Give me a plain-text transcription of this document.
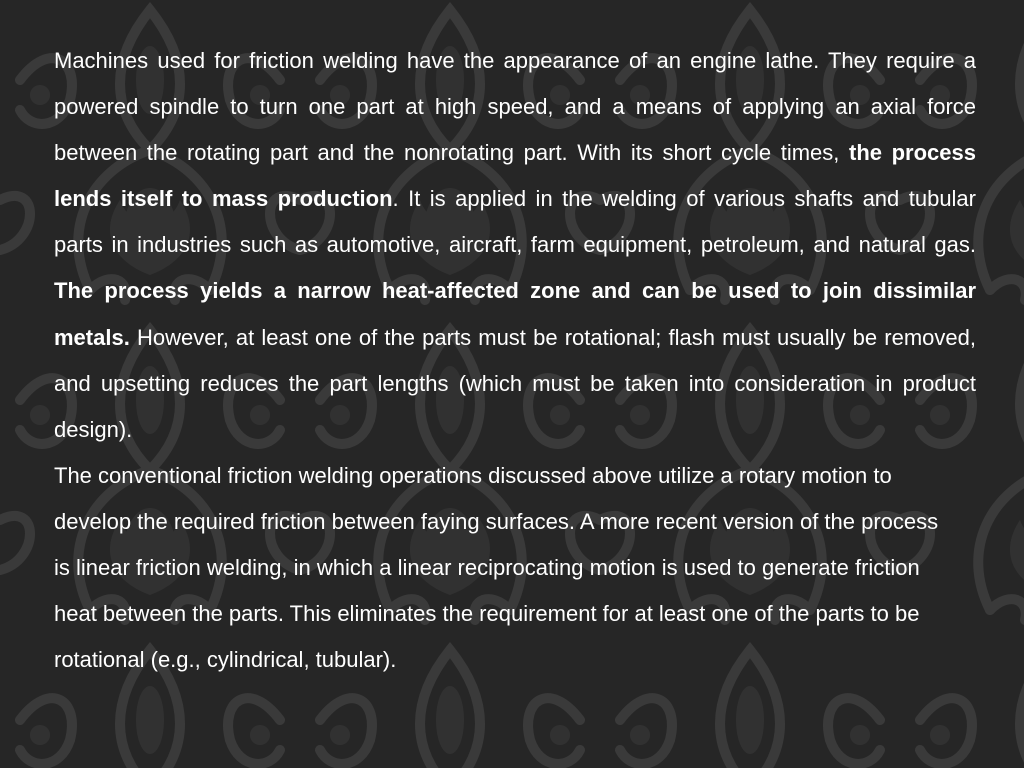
Machines used for friction welding have the appearance of an engine lathe. They require a powered spindle to turn one part at high speed, and a means of applying an axial force between the rotating part and the nonrotating part. With its short cycle times, the process lends itself to mass production. It is applied in the welding of various shafts and tubular parts in industries such as automotive, aircraft, farm equipment, petroleum, and natural gas. The process yields a narrow heat-affected zone and can be used to join dissimilar metals. However, at least one of the parts must be rotational; flash must usually be removed, and upsetting reduces the part lengths (which must be taken into consideration in product design).

The conventional friction welding operations discussed above utilize a rotary motion to develop the required friction between faying surfaces. A more recent version of the process is linear friction welding, in which a linear reciprocating motion is used to generate friction heat between the parts. This eliminates the requirement for at least one of the parts to be rotational (e.g., cylindrical, tubular).
